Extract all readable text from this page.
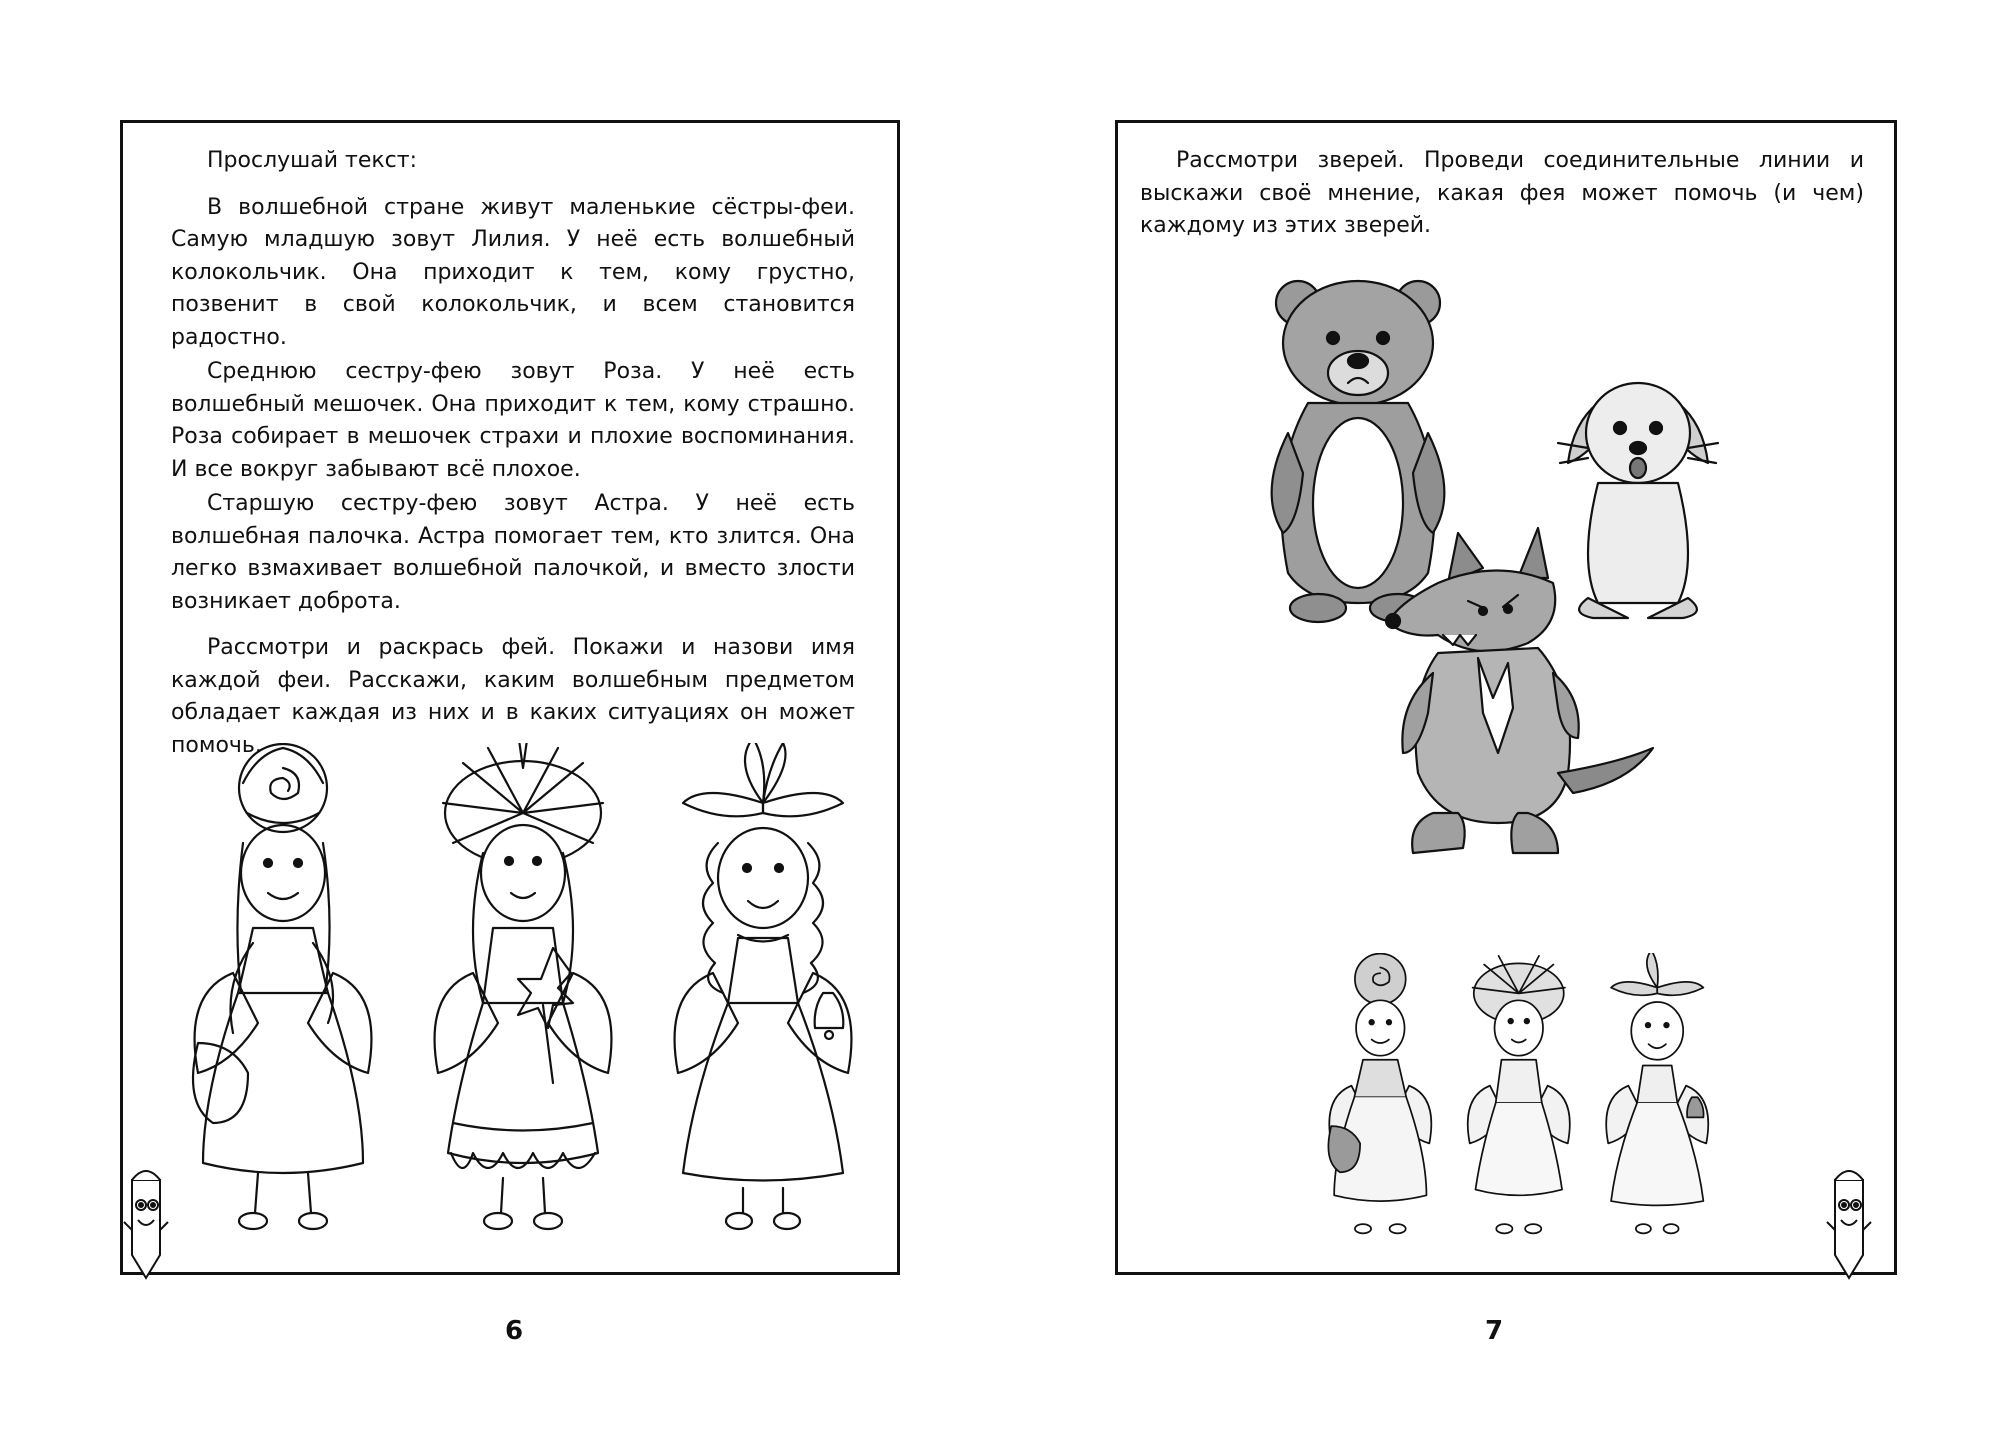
Прослушай текст:

В волшебной стране живут маленькие сёстры-феи. Самую младшую зовут Лилия. У неё есть волшебный колокольчик. Она приходит к тем, кому грустно, позвенит в свой колокольчик, и всем становится радостно.

Среднюю сестру-фею зовут Роза. У неё есть волшебный мешочек. Она приходит к тем, кому страшно. Роза собирает в мешочек страхи и плохие воспоминания. И все вокруг забывают всё плохое.

Старшую сестру-фею зовут Астра. У неё есть волшебная палочка. Астра помогает тем, кто злится. Она легко взмахивает волшебной палочкой, и вместо злости возникает доброта.

Рассмотри и раскрась фей. Покажи и назови имя каждой феи. Расскажи, каким волшебным предметом обладает каждая из них и в каких ситуациях он может помочь.

6

Рассмотри зверей. Проведи соединительные линии и выскажи своё мнение, какая фея может помочь (и чем) каждому из этих зверей.

7
